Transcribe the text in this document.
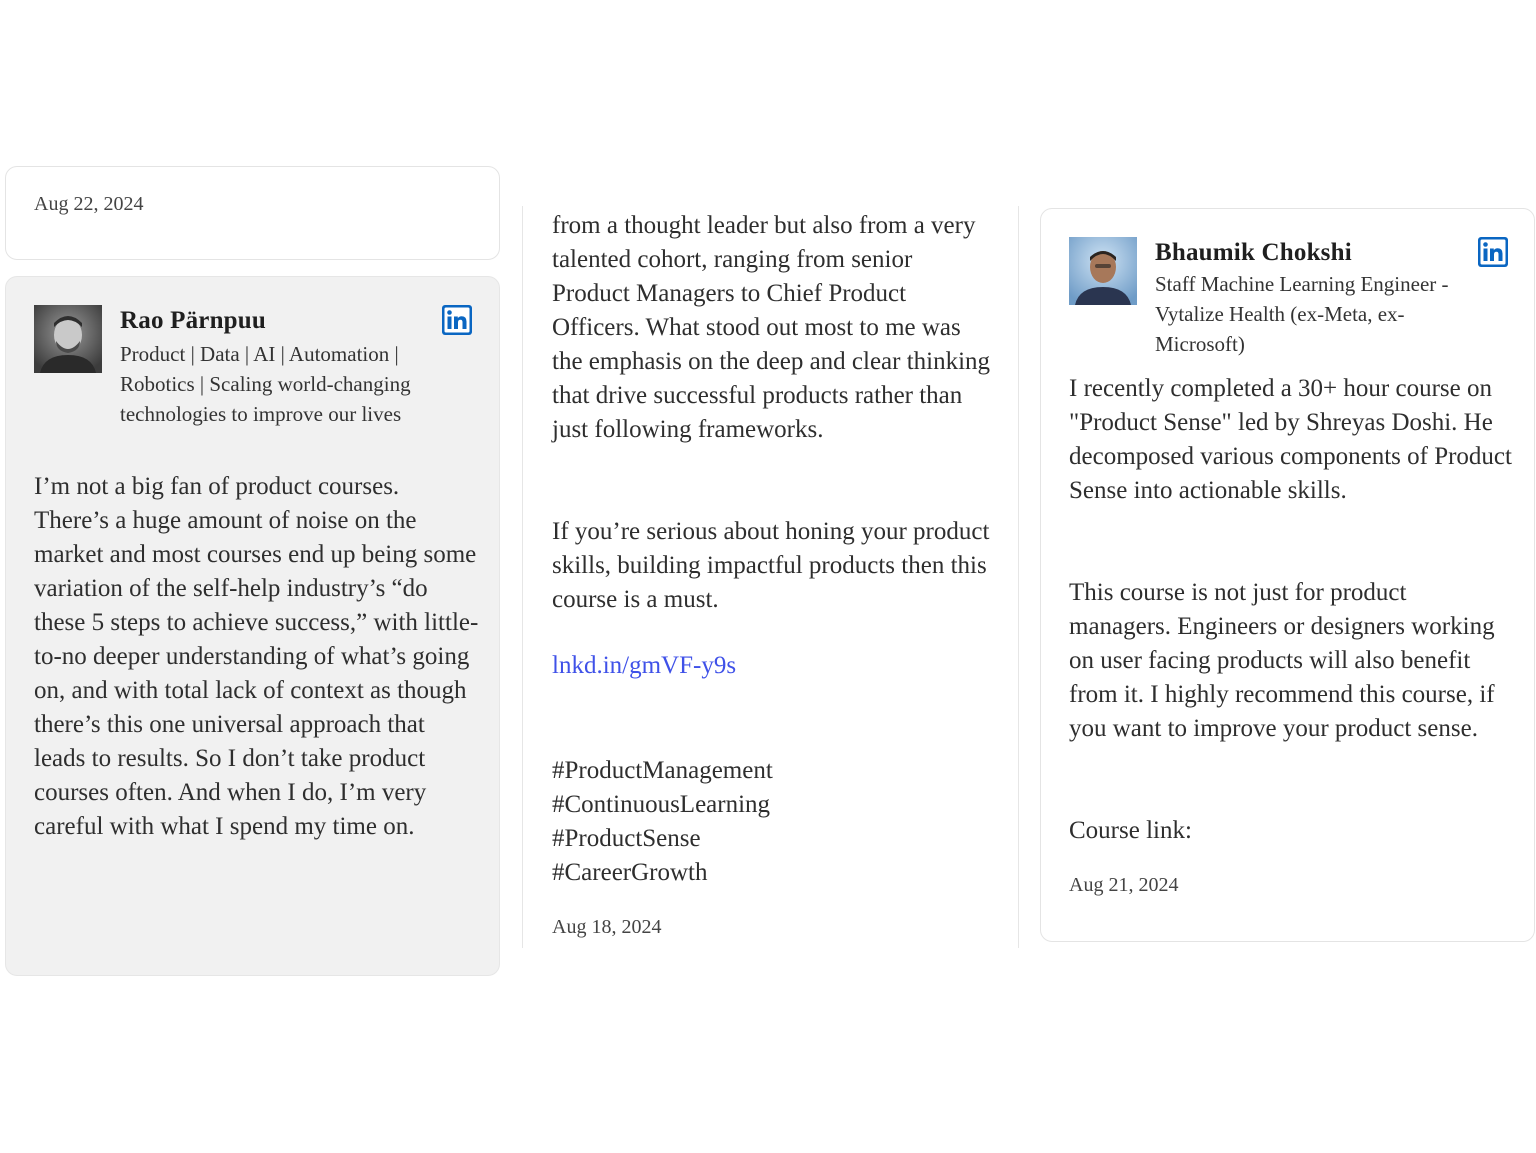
Aug 22, 2024
Rao Pärnpuu
Product | Data | AI | Automation | Robotics | Scaling world-changing technologies to improve our lives
I’m not a big fan of product courses. There’s a huge amount of noise on the market and most courses end up being some variation of the self-help industry’s “do these 5 steps to achieve success,” with little-to-no deeper understanding of what’s going on, and with total lack of context as though there’s this one universal approach that leads to results. So I don’t take product courses often. And when I do, I’m very careful with what I spend my time on.
from a thought leader but also from a very talented cohort, ranging from senior Product Managers to Chief Product Officers. What stood out most to me was the emphasis on the deep and clear thinking that drive successful products rather than just following frameworks.
If you’re serious about honing your product skills, building impactful products then this course is a must.
lnkd.in/gmVF-y9s
#ProductManagement
#ContinuousLearning
#ProductSense
#CareerGrowth
Aug 18, 2024
Bhaumik Chokshi
Staff Machine Learning Engineer - Vytalize Health (ex-Meta, ex-Microsoft)
I recently completed a 30+ hour course on "Product Sense" led by Shreyas Doshi. He decomposed various components of Product Sense into actionable skills.
This course is not just for product managers. Engineers or designers working on user facing products will also benefit from it. I highly recommend this course, if you want to improve your product sense.
Course link:
Aug 21, 2024
